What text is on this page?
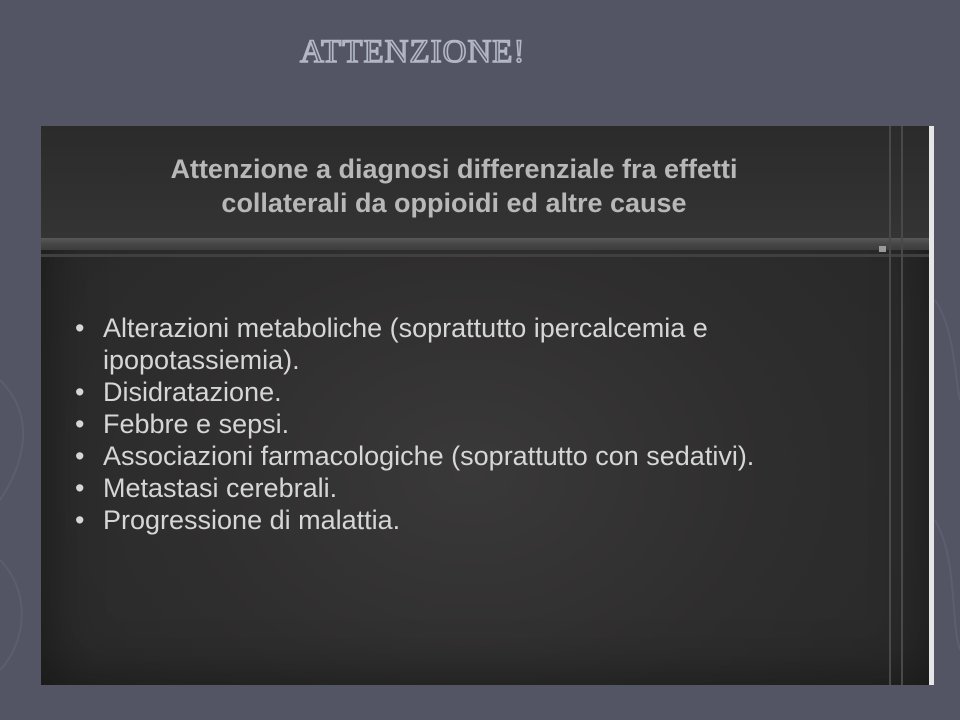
ATTENZIONE!
Attenzione a diagnosi differenziale fra effetti
collaterali da oppioidi ed altre cause
• Alterazioni metaboliche (soprattutto ipercalcemia e ipopotassiemia).
• Disidratazione.
• Febbre e sepsi.
• Associazioni farmacologiche (soprattutto con sedativi).
• Metastasi cerebrali.
• Progressione di malattia.
